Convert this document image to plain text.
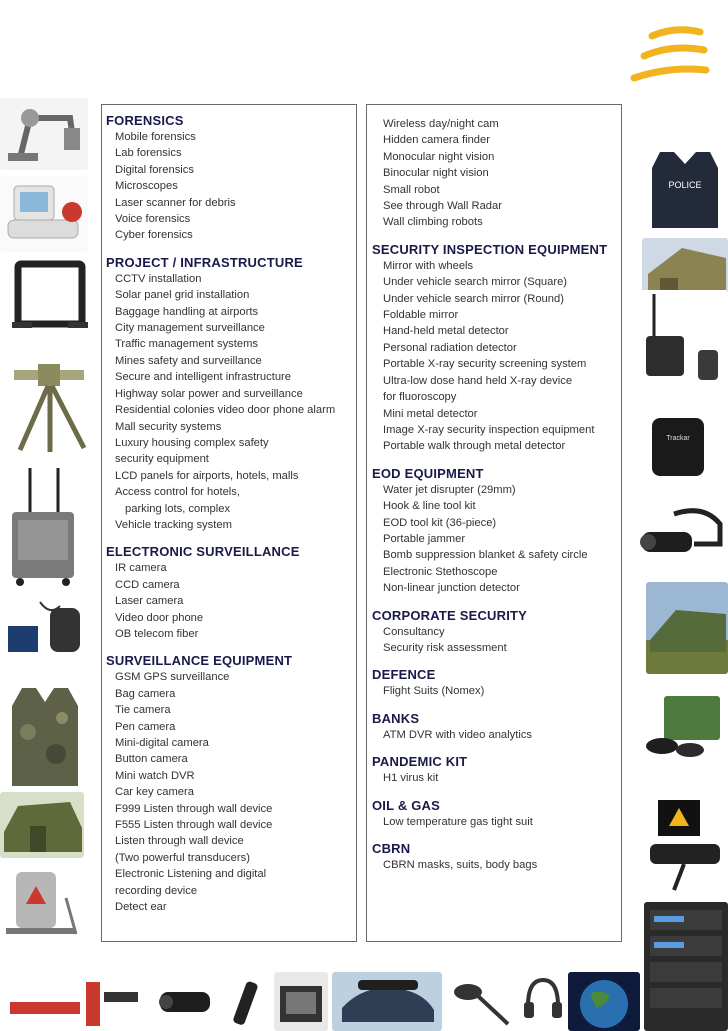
POLICE
Trackar
FORENSICS
Mobile forensics
Lab forensics
Digital forensics
Microscopes
Laser scanner for debris
Voice forensics
Cyber forensics
PROJECT / INFRASTRUCTURE
CCTV installation
Solar panel grid installation
Baggage handling at airports
City management surveillance
Traffic management systems
Mines safety and surveillance
Secure and intelligent infrastructure
Highway solar power and surveillance
Residential colonies video door phone alarm
Mall security systems
Luxury housing complex safety
security equipment
LCD panels for airports, hotels, malls
Access control for hotels,
parking lots, complex
Vehicle tracking system
ELECTRONIC SURVEILLANCE
IR camera
CCD camera
Laser camera
Video door phone
OB telecom fiber
SURVEILLANCE EQUIPMENT
GSM GPS surveillance
Bag camera
Tie camera
Pen camera
Mini-digital camera
Button camera
Mini watch DVR
Car key camera
F999 Listen through wall device
F555 Listen through wall device
Listen through wall device
(Two powerful transducers)
Electronic Listening and digital
recording device
Detect ear
Wireless day/night cam
Hidden camera finder
Monocular night vision
Binocular night vision
Small robot
See through Wall Radar
Wall climbing robots
SECURITY INSPECTION EQUIPMENT
Mirror with wheels
Under vehicle search mirror (Square)
Under vehicle search mirror (Round)
Foldable mirror
Hand-held metal detector
Personal radiation detector
Portable X-ray security screening system
Ultra-low dose hand held X-ray device
for fluoroscopy
Mini metal detector
Image X-ray security inspection equipment
Portable walk through metal detector
EOD EQUIPMENT
Water jet disrupter (29mm)
Hook & line tool kit
EOD tool kit (36-piece)
Portable jammer
Bomb suppression blanket & safety circle
Electronic Stethoscope
Non-linear junction detector
CORPORATE SECURITY
Consultancy
Security risk assessment
DEFENCE
Flight Suits (Nomex)
BANKS
ATM DVR with video analytics
PANDEMIC KIT
H1 virus kit
OIL & GAS
Low temperature gas tight suit
CBRN
CBRN masks, suits, body bags
